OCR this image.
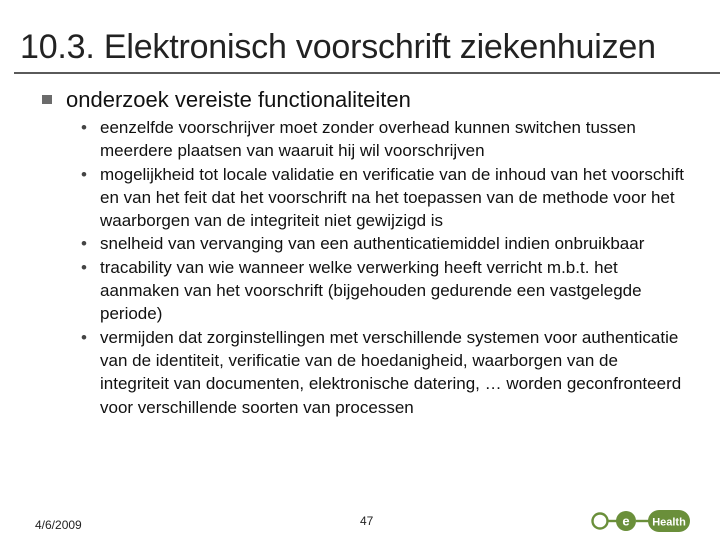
10.3. Elektronisch voorschrift ziekenhuizen
onderzoek vereiste functionaliteiten
• eenzelfde voorschrijver moet zonder overhead kunnen switchen tussen meerdere plaatsen van waaruit hij wil voorschrijven
• mogelijkheid tot locale validatie en verificatie van de inhoud van het voorschift en van het feit dat het voorschrift na het toepassen van de methode voor het waarborgen van de integriteit niet gewijzigd is
• snelheid van vervanging van een authenticatiemiddel indien onbruikbaar
• tracability van wie wanneer welke verwerking heeft verricht m.b.t. het aanmaken van het voorschrift (bijgehouden gedurende een vastgelegde periode)
• vermijden dat zorginstellingen met verschillende systemen voor authenticatie van de identiteit, verificatie van de hoedanigheid, waarborgen van de integriteit van documenten, elektronische datering, … worden geconfronteerd voor verschillende soorten van processen
4/6/2009	47	e Health
